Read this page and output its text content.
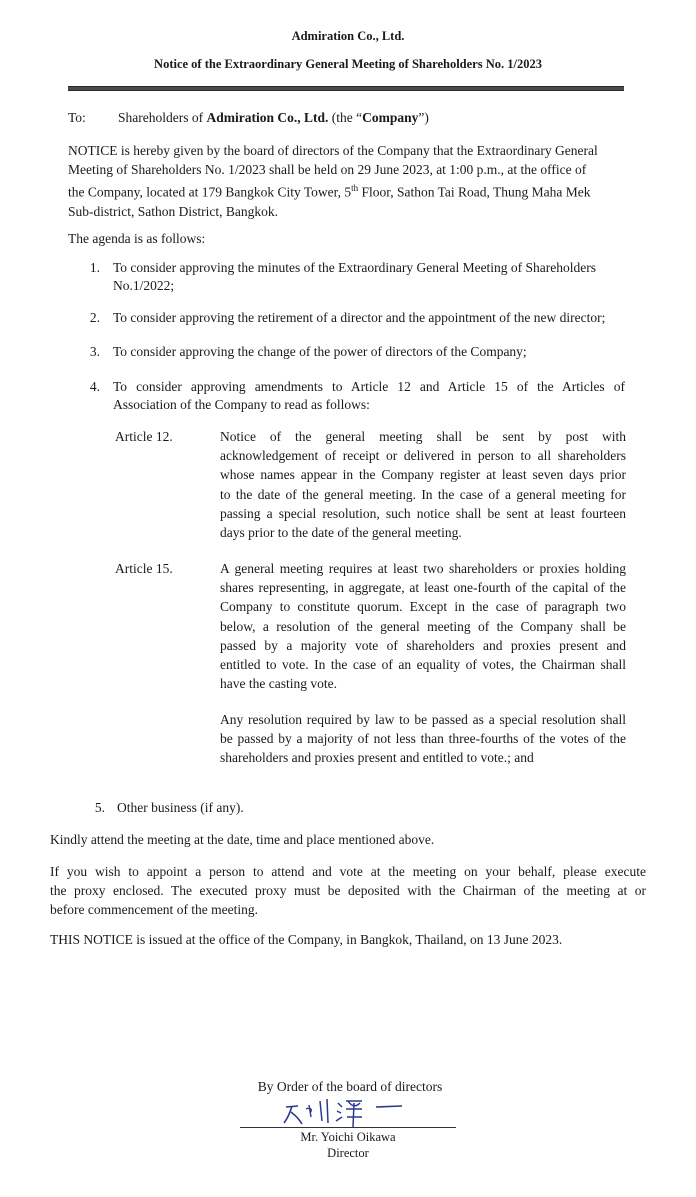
Admiration Co., Ltd.
Notice of the Extraordinary General Meeting of Shareholders No. 1/2023
To: Shareholders of Admiration Co., Ltd. (the “Company”)
NOTICE is hereby given by the board of directors of the Company that the Extraordinary General
Meeting of Shareholders No. 1/2023 shall be held on 29 June 2023, at 1:00 p.m., at the office of
the Company, located at 179 Bangkok City Tower, 5th Floor, Sathon Tai Road, Thung Maha Mek
Sub-district, Sathon District, Bangkok.
The agenda is as follows:
1. To consider approving the minutes of the Extraordinary General Meeting of Shareholders
No.1/2022;
2. To consider approving the retirement of a director and the appointment of the new director;
3. To consider approving the change of the power of directors of the Company;
4. To consider approving amendments to Article 12 and Article 15 of the Articles of
Association of the Company to read as follows:
Article 12.	Notice of the general meeting shall be sent by post with
acknowledgement of receipt or delivered in person to all shareholders
whose names appear in the Company register at least seven days prior
to the date of the general meeting. In the case of a general meeting for
passing a special resolution, such notice shall be sent at least fourteen
days prior to the date of the general meeting.
Article 15.	A general meeting requires at least two shareholders or proxies holding
shares representing, in aggregate, at least one-fourth of the capital of the
Company to constitute quorum. Except in the case of paragraph two
below, a resolution of the general meeting of the Company shall be
passed by a majority vote of shareholders and proxies present and
entitled to vote. In the case of an equality of votes, the Chairman shall
have the casting vote.
Any resolution required by law to be passed as a special resolution shall
be passed by a majority of not less than three-fourths of the votes of the
shareholders and proxies present and entitled to vote.; and
5. Other business (if any).
Kindly attend the meeting at the date, time and place mentioned above.
If you wish to appoint a person to attend and vote at the meeting on your behalf, please execute
the proxy enclosed. The executed proxy must be deposited with the Chairman of the meeting at or
before commencement of the meeting.
THIS NOTICE is issued at the office of the Company, in Bangkok, Thailand, on 13 June 2023.
By Order of the board of directors
Mr. Yoichi Oikawa
Director
